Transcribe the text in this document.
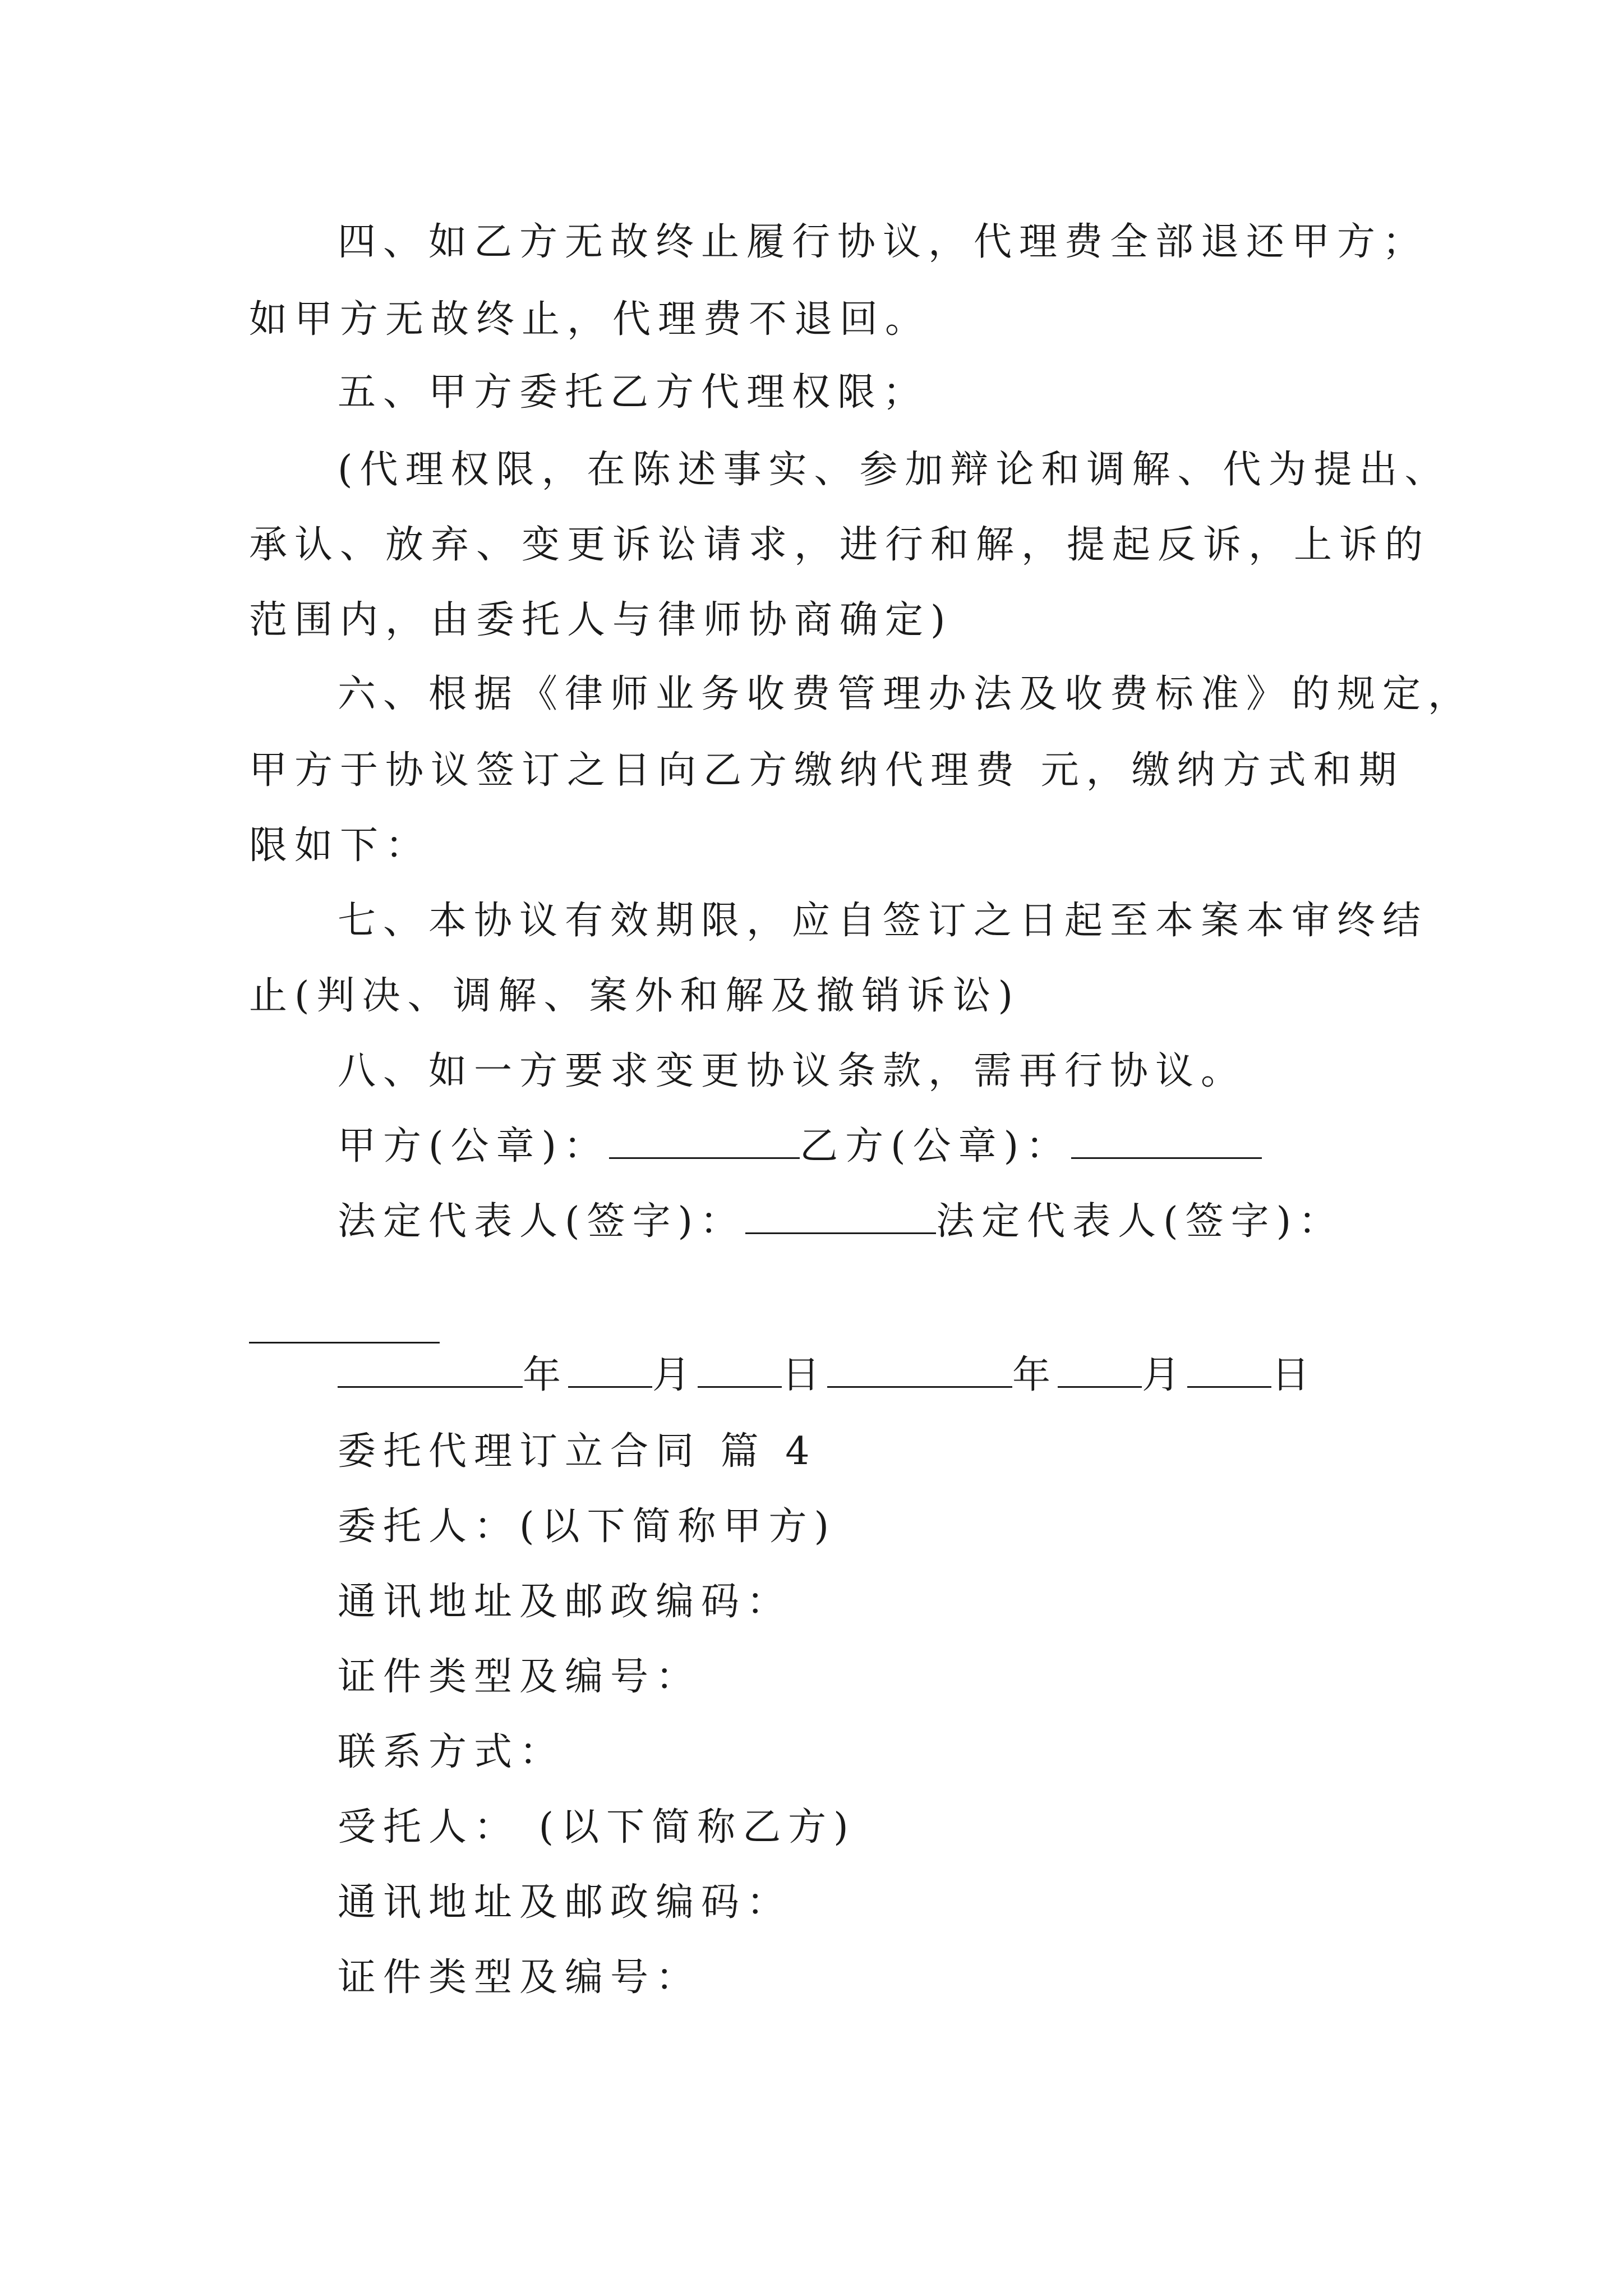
四、如乙方无故终止履行协议，代理费全部退还甲方；
如甲方无故终止，代理费不退回。
五、甲方委托乙方代理权限；
(代理权限，在陈述事实、参加辩论和调解、代为提出、
承认、放弃、变更诉讼请求，进行和解，提起反诉，上诉的
范围内，由委托人与律师协商确定)
六、根据《律师业务收费管理办法及收费标准》的规定，
甲方于协议签订之日向乙方缴纳代理费 元，缴纳方式和期
限如下：
七、本协议有效期限，应自签订之日起至本案本审终结
止(判决、调解、案外和解及撤销诉讼)
八、如一方要求变更协议条款，需再行协议。
甲方(公章)：	乙方(公章)：
法定代表人(签字)：	法定代表人(签字)：
年 月 日	年 月 日
委托代理订立合同 篇 4
委托人：(以下简称甲方)
通讯地址及邮政编码：
证件类型及编号：
联系方式：
受托人： (以下简称乙方)
通讯地址及邮政编码：
证件类型及编号：
